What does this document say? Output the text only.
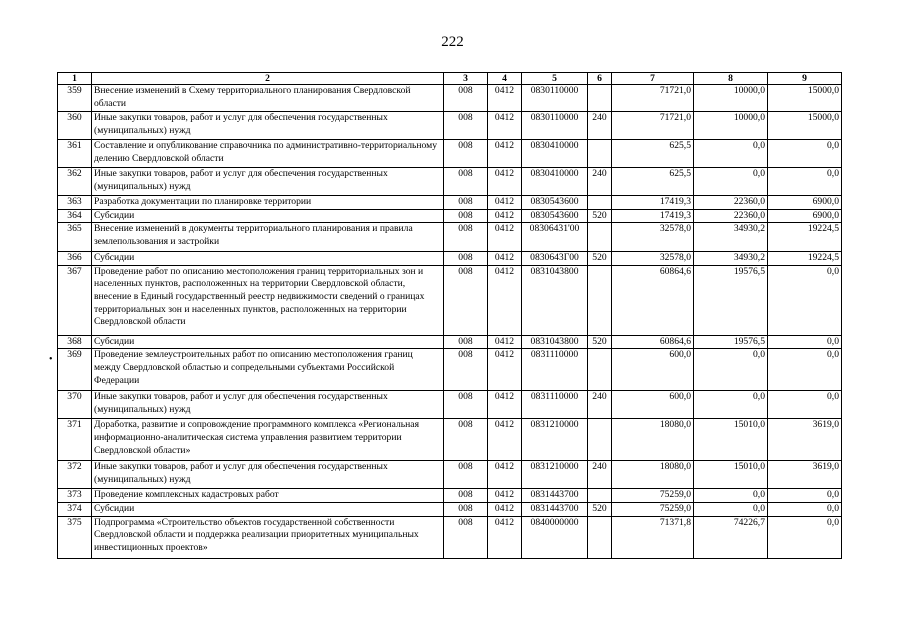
222
•
1	2	3	4	5	6	7	8	9
359	Внесение изменений в Схему территориального планирования Свердловской области	008	0412	0830110000		71721,0	10000,0	15000,0
360	Иные закупки товаров, работ и услуг для обеспечения государственных (муниципальных) нужд	008	0412	0830110000	240	71721,0	10000,0	15000,0
361	Составление и опубликование справочника по административно-территориальному делению Свердловской области	008	0412	0830410000		625,5	0,0	0,0
362	Иные закупки товаров, работ и услуг для обеспечения государственных (муниципальных) нужд	008	0412	0830410000	240	625,5	0,0	0,0
363	Разработка документации по планировке территории	008	0412	0830543600		17419,3	22360,0	6900,0
364	Субсидии	008	0412	0830543600	520	17419,3	22360,0	6900,0
365	Внесение изменений в документы территориального планирования и правила землепользования и застройки	008	0412	08306431'00		32578,0	34930,2	19224,5
366	Субсидии	008	0412	0830643Г00	520	32578,0	34930,2	19224,5
367	Проведение работ по описанию местоположения границ территориальных зон и населенных пунктов, расположенных на территории Свердловской области, внесение в Единый государственный реестр недвижимости сведений о границах территориальных зон и населенных пунктов, расположенных на территории Свердловской области	008	0412	0831043800		60864,6	19576,5	0,0
368	Субсидии	008	0412	0831043800	520	60864,6	19576,5	0,0
369	Проведение землеустроительных работ по описанию местоположения границ между Свердловской областью и сопредельными субъектами Российской Федерации	008	0412	0831110000		600,0	0,0	0,0
370	Иные закупки товаров, работ и услуг для обеспечения государственных (муниципальных) нужд	008	0412	0831110000	240	600,0	0,0	0,0
371	Доработка, развитие и сопровождение программного комплекса «Региональная информационно-аналитическая система управления развитием территории Свердловской области»	008	0412	0831210000		18080,0	15010,0	3619,0
372	Иные закупки товаров, работ и услуг для обеспечения государственных (муниципальных) нужд	008	0412	0831210000	240	18080,0	15010,0	3619,0
373	Проведение комплексных кадастровых работ	008	0412	0831443700		75259,0	0,0	0,0
374	Субсидии	008	0412	0831443700	520	75259,0	0,0	0,0
375	Подпрограмма «Строительство объектов государственной собственности Свердловской области и поддержка реализации приоритетных муниципальных инвестиционных проектов»	008	0412	0840000000		71371,8	74226,7	0,0
